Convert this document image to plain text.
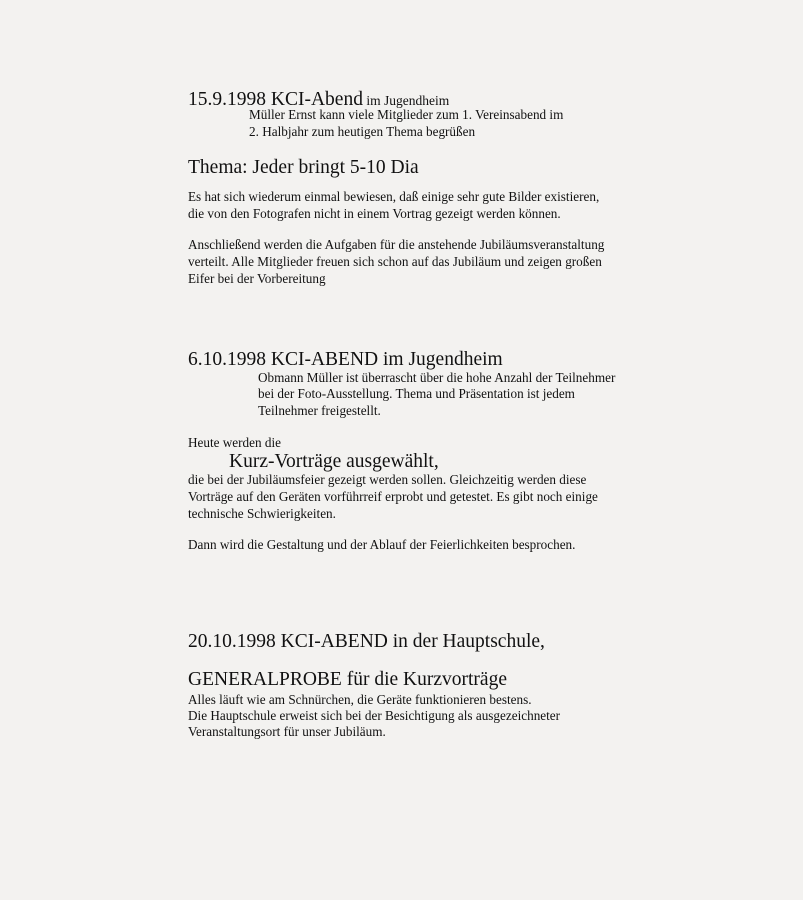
15.9.1998 KCI-Abend im Jugendheim
Müller Ernst kann viele Mitglieder zum 1. Vereinsabend im
2. Halbjahr zum heutigen Thema begrüßen
Thema: Jeder bringt 5-10 Dia
Es hat sich wiederum einmal bewiesen, daß einige sehr gute Bilder existieren,
die von den Fotografen nicht in einem Vortrag gezeigt werden können.
Anschließend werden die Aufgaben für die anstehende Jubiläumsveranstaltung
verteilt. Alle Mitglieder freuen sich schon auf das Jubiläum und zeigen großen
Eifer bei der Vorbereitung
6.10.1998 KCI-ABEND im Jugendheim
Obmann Müller ist überrascht über die hohe Anzahl der Teilnehmer
bei der Foto-Ausstellung. Thema und Präsentation ist jedem
Teilnehmer freigestellt.
Heute werden die
Kurz-Vorträge ausgewählt,
die bei der Jubiläumsfeier gezeigt werden sollen. Gleichzeitig werden diese
Vorträge auf den Geräten vorführreif erprobt und getestet. Es gibt noch einige
technische Schwierigkeiten.
Dann wird die Gestaltung und der Ablauf der Feierlichkeiten besprochen.
20.10.1998 KCI-ABEND in der Hauptschule,
GENERALPROBE für die Kurzvorträge
Alles läuft wie am Schnürchen, die Geräte funktionieren bestens.
Die Hauptschule erweist sich bei der Besichtigung als ausgezeichneter
Veranstaltungsort für unser Jubiläum.
